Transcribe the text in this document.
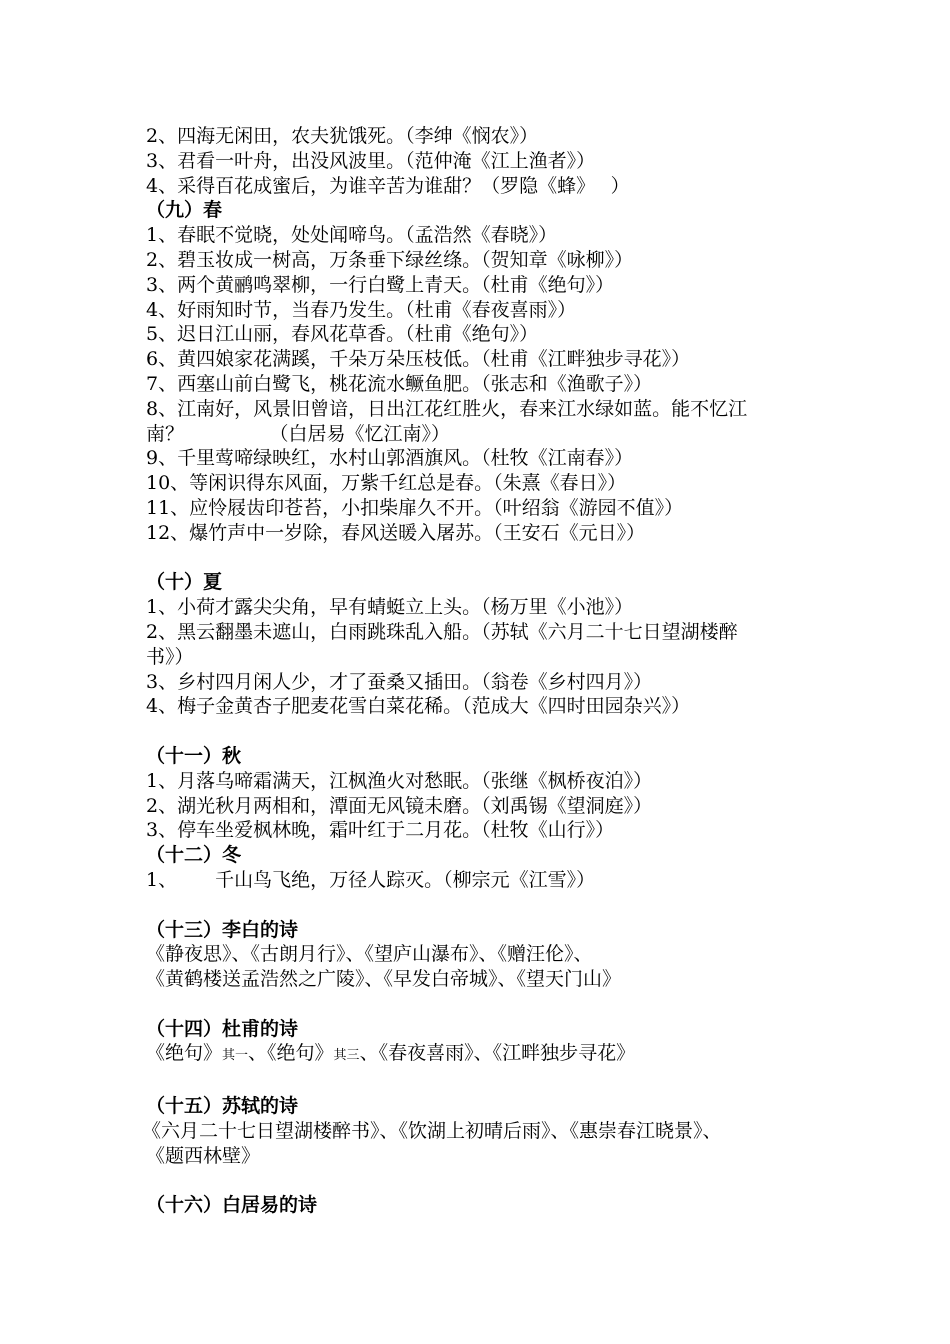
2、四海无闲田，农夫犹饿死。（李绅《悯农》）
3、君看一叶舟，出没风波里。（范仲淹《江上渔者》）
4、采得百花成蜜后，为谁辛苦为谁甜？（罗隐《蜂》　 ）
（九）春
1、春眠不觉晓，处处闻啼鸟。（孟浩然《春晓》）
2、碧玉妆成一树高，万条垂下绿丝绦。（贺知章《咏柳》）
3、两个黄鹂鸣翠柳，一行白鹭上青天。（杜甫《绝句》）
4、好雨知时节，当春乃发生。（杜甫《春夜喜雨》）
5、迟日江山丽，春风花草香。（杜甫《绝句》）
6、黄四娘家花满蹊，千朵万朵压枝低。（杜甫《江畔独步寻花》）
7、西塞山前白鹭飞，桃花流水鳜鱼肥。（张志和《渔歌子》）
8、江南好，风景旧曾谙，日出江花红胜火，春来江水绿如蓝。能不忆江
南？　　　　　（白居易《忆江南》）
9、千里莺啼绿映红，水村山郭酒旗风。（杜牧《江南春》）
10、等闲识得东风面，万紫千红总是春。（朱熹《春日》）
11、应怜屐齿印苍苔，小扣柴扉久不开。（叶绍翁《游园不值》）
12、爆竹声中一岁除，春风送暖入屠苏。（王安石《元日》）
（十）夏
1、小荷才露尖尖角，早有蜻蜓立上头。（杨万里《小池》）
2、黑云翻墨未遮山，白雨跳珠乱入船。（苏轼《六月二十七日望湖楼醉
书》）
3、乡村四月闲人少，才了蚕桑又插田。（翁卷《乡村四月》）
4、梅子金黄杏子肥麦花雪白菜花稀。（范成大《四时田园杂兴》）
（十一）秋
1、月落乌啼霜满天，江枫渔火对愁眠。（张继《枫桥夜泊》）
2、湖光秋月两相和，潭面无风镜未磨。（刘禹锡《望洞庭》）
3、停车坐爱枫林晚，霜叶红于二月花。（杜牧《山行》）
（十二）冬
1、 千山鸟飞绝，万径人踪灭。（柳宗元《江雪》）
（十三）李白的诗
《静夜思》、《古朗月行》、《望庐山瀑布》、《赠汪伦》、
《黄鹤楼送孟浩然之广陵》、《早发白帝城》、《望天门山》
（十四）杜甫的诗
《绝句》其一、《绝句》其三、《春夜喜雨》、《江畔独步寻花》
（十五）苏轼的诗
《六月二十七日望湖楼醉书》、《饮湖上初晴后雨》、《惠崇春江晓景》、
《题西林壁》
（十六）白居易的诗
